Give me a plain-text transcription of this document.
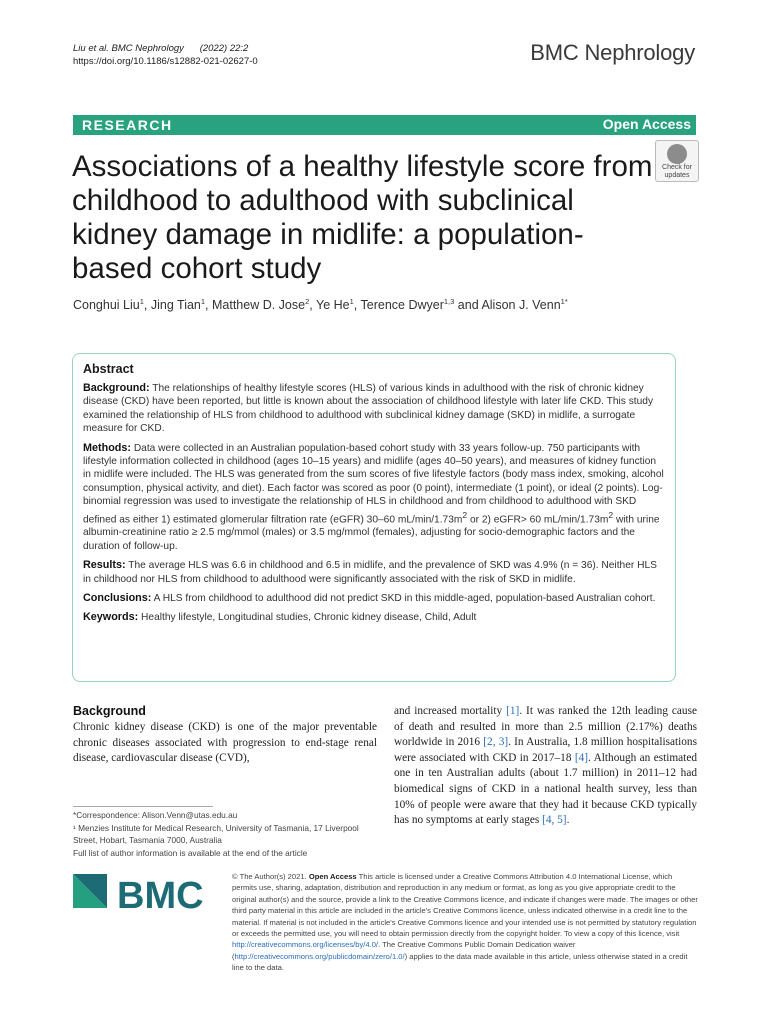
Liu et al. BMC Nephrology (2022) 22:2
https://doi.org/10.1186/s12882-021-02627-0	BMC Nephrology
RESEARCH	Open Access
Associations of a healthy lifestyle score from childhood to adulthood with subclinical kidney damage in midlife: a population-based cohort study
Check for
updates
Conghui Liu$^1$, Jing Tian$^1$, Matthew D. Jose$^2$, Ye He$^1$, Terence Dwyer$^{1,3}$ and Alison J. Venn$^{1*}$
Abstract

Background: The relationships of healthy lifestyle scores (HLS) of various kinds in adulthood with the risk of chronic kidney disease (CKD) have been reported, but little is known about the association of childhood lifestyle with later life CKD. This study examined the relationship of HLS from childhood to adulthood with subclinical kidney damage (SKD) in midlife, a surrogate measure for CKD.

Methods: Data were collected in an Australian population-based cohort study with 33 years follow-up. 750 participants with lifestyle information collected in childhood (ages 10–15 years) and midlife (ages 40–50 years), and measures of kidney function in midlife were included. The HLS was generated from the sum scores of five lifestyle factors (body mass index, smoking, alcohol consumption, physical activity, and diet). Each factor was scored as poor (0 point), intermediate (1 point), or ideal (2 points). Log-binomial regression was used to investigate the relationship of HLS in childhood and from childhood to adulthood with SKD defined as either 1) estimated glomerular filtration rate (eGFR) 30–60 $mL/\min/1.73m^2$ or 2) eGFR> 60 $mL/\min/1.73m^2$ with urine albumin-creatinine ratio ≥ 2.5 mg/mmol (males) or 3.5 mg/mmol (females), adjusting for socio-demographic factors and the duration of follow-up.

Results: The average HLS was 6.6 in childhood and 6.5 in midlife, and the prevalence of SKD was 4.9% (n = 36). Neither HLS in childhood nor HLS from childhood to adulthood were significantly associated with the risk of SKD in midlife.

Conclusions: A HLS from childhood to adulthood did not predict SKD in this middle-aged, population-based Australian cohort.

Keywords: Healthy lifestyle, Longitudinal studies, Chronic kidney disease, Child, Adult

Background

Chronic kidney disease (CKD) is one of the major preventable chronic diseases associated with progression to end-stage renal disease, cardiovascular disease (CVD),

and increased mortality [1]. It was ranked the 12th leading cause of death and resulted in more than 2.5 million (2.17%) deaths worldwide in 2016 [2, 3]. In Australia, 1.8 million hospitalisations were associated with CKD in 2017–18 [4]. Although an estimated one in ten Australian adults (about 1.7 million) in 2011–12 had biomedical signs of CKD in a national health survey, less than 10% of people were aware that they had it because CKD typically has no symptoms at early stages [4, 5].

*Correspondence: Alison.Venn@utas.edu.au
¹ Menzies Institute for Medical Research, University of Tasmania, 17 Liverpool Street, Hobart, Tasmania 7000, Australia
Full list of author information is available at the end of the article
BMC	© The Author(s) 2021. Open Access This article is licensed under a Creative Commons Attribution 4.0 International License, which permits use, sharing, adaptation, distribution and reproduction in any medium or format, as long as you give appropriate credit to the original author(s) and the source, provide a link to the Creative Commons licence, and indicate if changes were made. The images or other third party material in this article are included in the article's Creative Commons licence, unless indicated otherwise in a credit line to the material. If material is not included in the article's Creative Commons licence and your intended use is not permitted by statutory regulation or exceeds the permitted use, you will need to obtain permission directly from the copyright holder. To view a copy of this licence, visit http://creativecommons.org/licenses/by/4.0/. The Creative Commons Public Domain Dedication waiver (http://creativecommons.org/publicdomain/zero/1.0/) applies to the data made available in this article, unless otherwise stated in a credit line to the data.
